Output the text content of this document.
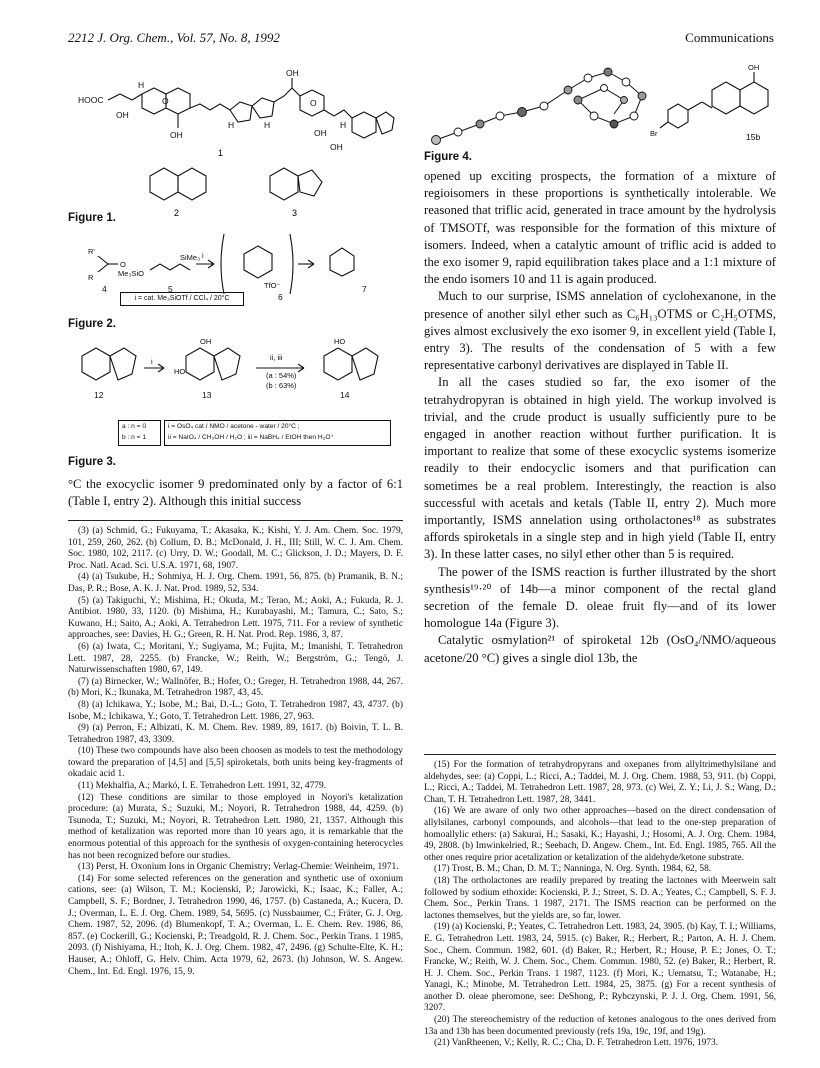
2212 J. Org. Chem., Vol. 57, No. 8, 1992	Communications
HOOC
OH
H
O
OH
H
OH
H
O
OH
H
OH
1
2	3
Figure 1.
R'
R
O
Me₃SiO
SiMe₃
TfO⁻
i
4	5
6
7
i = cat. Me₃SiOTf / CCl₄ / 20°C
Figure 2.
i	ii, iii
(a : 54%)
(b : 63%)
OH
HO
HO
12	13	14
a : n = 0
b : n = 1
i = OsO₄ cat / NMO / acetone - water / 20°C ;
ii = NaIO₄ / CH₃OH / H₂O ; iii = NaBH₄ / EtOH then H₃O⁺
Figure 3.

°C the exocyclic isomer 9 predominated only by a factor of 6:1 (Table I, entry 2). Although this initial success

(3) (a) Schmid, G.; Fukuyama, T.; Akasaka, K.; Kishi, Y. J. Am. Chem. Soc. 1979, 101, 259, 260, 262. (b) Collum, D. B.; McDonald, J. H., III; Still, W. C. J. Am. Chem. Soc. 1980, 102, 2117. (c) Urry, D. W.; Goodall, M. C.; Glickson, J. D.; Mayers, D. F. Proc. Natl. Acad. Sci. U.S.A. 1971, 68, 1907.

(4) (a) Tsukube, H.; Sohmiya, H. J. Org. Chem. 1991, 56, 875. (b) Pramanik, B. N.; Das, P. R.; Bose, A. K. J. Nat. Prod. 1989, 52, 534.

(5) (a) Takiguchi, Y.; Mishima, H.; Okuda, M.; Terao, M.; Aoki, A.; Fukuda, R. J. Antibiot. 1980, 33, 1120. (b) Mishima, H.; Kurabayashi, M.; Tamura, C.; Sato, S.; Kuwano, H.; Saito, A.; Aoki, A. Tetrahedron Lett. 1975, 711. For a review of synthetic approaches, see: Davies, H. G.; Green, R. H. Nat. Prod. Rep. 1986, 3, 87.

(6) (a) Iwata, C.; Moritani, Y.; Sugiyama, M.; Fujita, M.; Imanishi, T. Tetrahedron Lett. 1987, 28, 2255. (b) Francke, W.; Reith, W.; Bergström, G.; Tengö, J. Naturwissenschaften 1980, 67, 149.

(7) (a) Birnecker, W.; Wallnöfer, B.; Hofer, O.; Greger, H. Tetrahedron 1988, 44, 267. (b) Mori, K.; Ikunaka, M. Tetrahedron 1987, 43, 45.

(8) (a) Ichikawa, Y.; Isobe, M.; Bai, D.-L.; Goto, T. Tetrahedron 1987, 43, 4737. (b) Isobe, M.; Ichikawa, Y.; Goto, T. Tetrahedron Lett. 1986, 27, 963.

(9) (a) Perron, F.; Albizati, K. M. Chem. Rev. 1989, 89, 1617. (b) Boivin, T. L. B. Tetrahedron 1987, 43, 3309.

(10) These two compounds have also been choosen as models to test the methodology toward the preparation of [4,5] and [5,5] spiroketals, both units being key-fragments of okadaic acid 1.

(11) Mekhalfia, A.; Markó, I. E. Tetrahedron Lett. 1991, 32, 4779.

(12) These conditions are similar to those employed in Noyori's ketalization procedure: (a) Murata, S.; Suzuki, M.; Noyori, R. Tetrahedron 1988, 44, 4259. (b) Tsunoda, T.; Suzuki, M.; Noyori, R. Tetrahedron Lett. 1980, 21, 1357. Although this method of ketalization was reported more than 10 years ago, it is remarkable that the enormous potential of this approach for the synthesis of oxygen-containing heterocycles has not been recognized before our studies.

(13) Perst, H. Oxonium Ions in Organic Chemistry; Verlag-Chemie: Weinheim, 1971.

(14) For some selected references on the generation and synthetic use of oxonium cations, see: (a) Wilson, T. M.; Kocienski, P.; Jarowicki, K.; Isaac, K.; Faller, A.; Campbell, S. F.; Bordner, J. Tetrahedron 1990, 46, 1757. (b) Castaneda, A.; Kucera, D. J.; Overman, L. E. J. Org. Chem. 1989, 54, 5695. (c) Nussbaumer, C.; Fräter, G. J. Org. Chem. 1987, 52, 2096. (d) Blumenkopf, T. A.; Overman, L. E. Chem. Rev. 1986, 86, 857. (e) Cockerill, G.; Kocienski, P.; Treadgold, R. J. Chem. Soc., Perkin Trans. 1 1985, 2093. (f) Nishiyama, H.; Itoh, K. J. Org. Chem. 1982, 47, 2496. (g) Schulte-Elte, K. H.; Hauser, A.; Ohloff, G. Helv. Chim. Acta 1979, 62, 2673. (h) Johnson, W. S. Angew. Chem., Int. Ed. Engl. 1976, 15, 9.

OH
Br	15b
Figure 4.

opened up exciting prospects, the formation of a mixture of regioisomers in these proportions is synthetically intolerable. We reasoned that triflic acid, generated in trace amount by the hydrolysis of TMSOTf, was responsible for the formation of this mixture of isomers. Indeed, when a catalytic amount of triflic acid is added to the exo isomer 9, rapid equilibration takes place and a 1:1 mixture of the endo isomers 10 and 11 is again produced.

Much to our surprise, ISMS annelation of cyclohexanone, in the presence of another silyl ether such as C₆H₁₃OTMS or C₂H₅OTMS, gives almost exclusively the exo isomer 9, in excellent yield (Table I, entry 3). The results of the condensation of 5 with a few representative carbonyl derivatives are displayed in Table II.

In all the cases studied so far, the exo isomer of the tetrahydropyran is obtained in high yield. The workup involved is trivial, and the crude product is usually sufficiently pure to be engaged in another reaction without further purification. It is important to realize that some of these exocyclic systems isomerize readily to their endocyclic isomers and that purification can sometimes be a real problem. Interestingly, the reaction is also successful with acetals and ketals (Table II, entry 2). Much more importantly, ISMS annelation using ortholactones¹⁸ as substrates affords spiroketals in a single step and in high yield (Table II, entry 3). In these latter cases, no silyl ether other than 5 is required.

The power of the ISMS reaction is further illustrated by the short synthesis¹⁹·²⁰ of 14b—a minor component of the rectal gland secretion of the female D. oleae fruit fly—and of its lower homologue 14a (Figure 3).

Catalytic osmylation²¹ of spiroketal 12b (OsO₄/NMO/aqueous acetone/20 °C) gives a single diol 13b, the

(15) For the formation of tetrahydropyrans and oxepanes from allyltrimethylsilane and aldehydes, see: (a) Coppi, L.; Ricci, A.; Taddei, M. J. Org. Chem. 1988, 53, 911. (b) Coppi, L.; Ricci, A.; Taddei, M. Tetrahedron Lett. 1987, 28, 973. (c) Wei, Z. Y.; Li, J. S.; Wang, D.; Chan, T. H. Tetrahedron Lett. 1987, 28, 3441.

(16) We are aware of only two other approaches—based on the direct condensation of allylsilanes, carbonyl compounds, and alcohols—that lead to the one-step preparation of homoallylic ethers: (a) Sakurai, H.; Sasaki, K.; Hayashi, J.; Hosomi, A. J. Org. Chem. 1984, 49, 2808. (b) Imwinkelried, R.; Seebach, D. Angew. Chem., Int. Ed. Engl. 1985, 765. All the other ones require prior acetalization or ketalization of the aldehyde/ketone substrate.

(17) Trost, B. M.; Chan, D. M. T.; Nanninga, N. Org. Synth. 1984, 62, 58.

(18) The ortholactones are readily prepared by treating the lactones with Meerwein salt followed by sodium ethoxide: Kocienski, P. J.; Street, S. D. A.; Yeates, C.; Campbell, S. F. J. Chem. Soc., Perkin Trans. 1 1987, 2171. The ISMS reaction can be performed on the lactones themselves, but the yields are, so far, lower.

(19) (a) Kocienski, P.; Yeates, C. Tetrahedron Lett. 1983, 24, 3905. (b) Kay, T. I.; Williams, E. G. Tetrahedron Lett. 1983, 24, 5915. (c) Baker, R.; Herbert, R.; Parton, A. H. J. Chem. Soc., Chem. Commun. 1982, 601. (d) Baker, R.; Herbert, R.; House, P. E.; Jones, O. T.; Francke, W.; Reith, W. J. Chem. Soc., Chem. Commun. 1980, 52. (e) Baker, R.; Herbert, R. H. J. Chem. Soc., Perkin Trans. 1 1987, 1123. (f) Mori, K.; Uematsu, T.; Watanabe, H.; Yanagi, K.; Minobe, M. Tetrahedron Lett. 1984, 25, 3875. (g) For a recent synthesis of another D. oleae pheromone, see: DeShong, P.; Rybczynski, P. J. J. Org. Chem. 1991, 56, 3207.

(20) The stereochemistry of the reduction of ketones analogous to the ones derived from 13a and 13b has been documented previously (refs 19a, 19c, 19f, and 19g).

(21) VanRheenen, V.; Kelly, R. C.; Cha, D. F. Tetrahedron Lett. 1976, 1973.
